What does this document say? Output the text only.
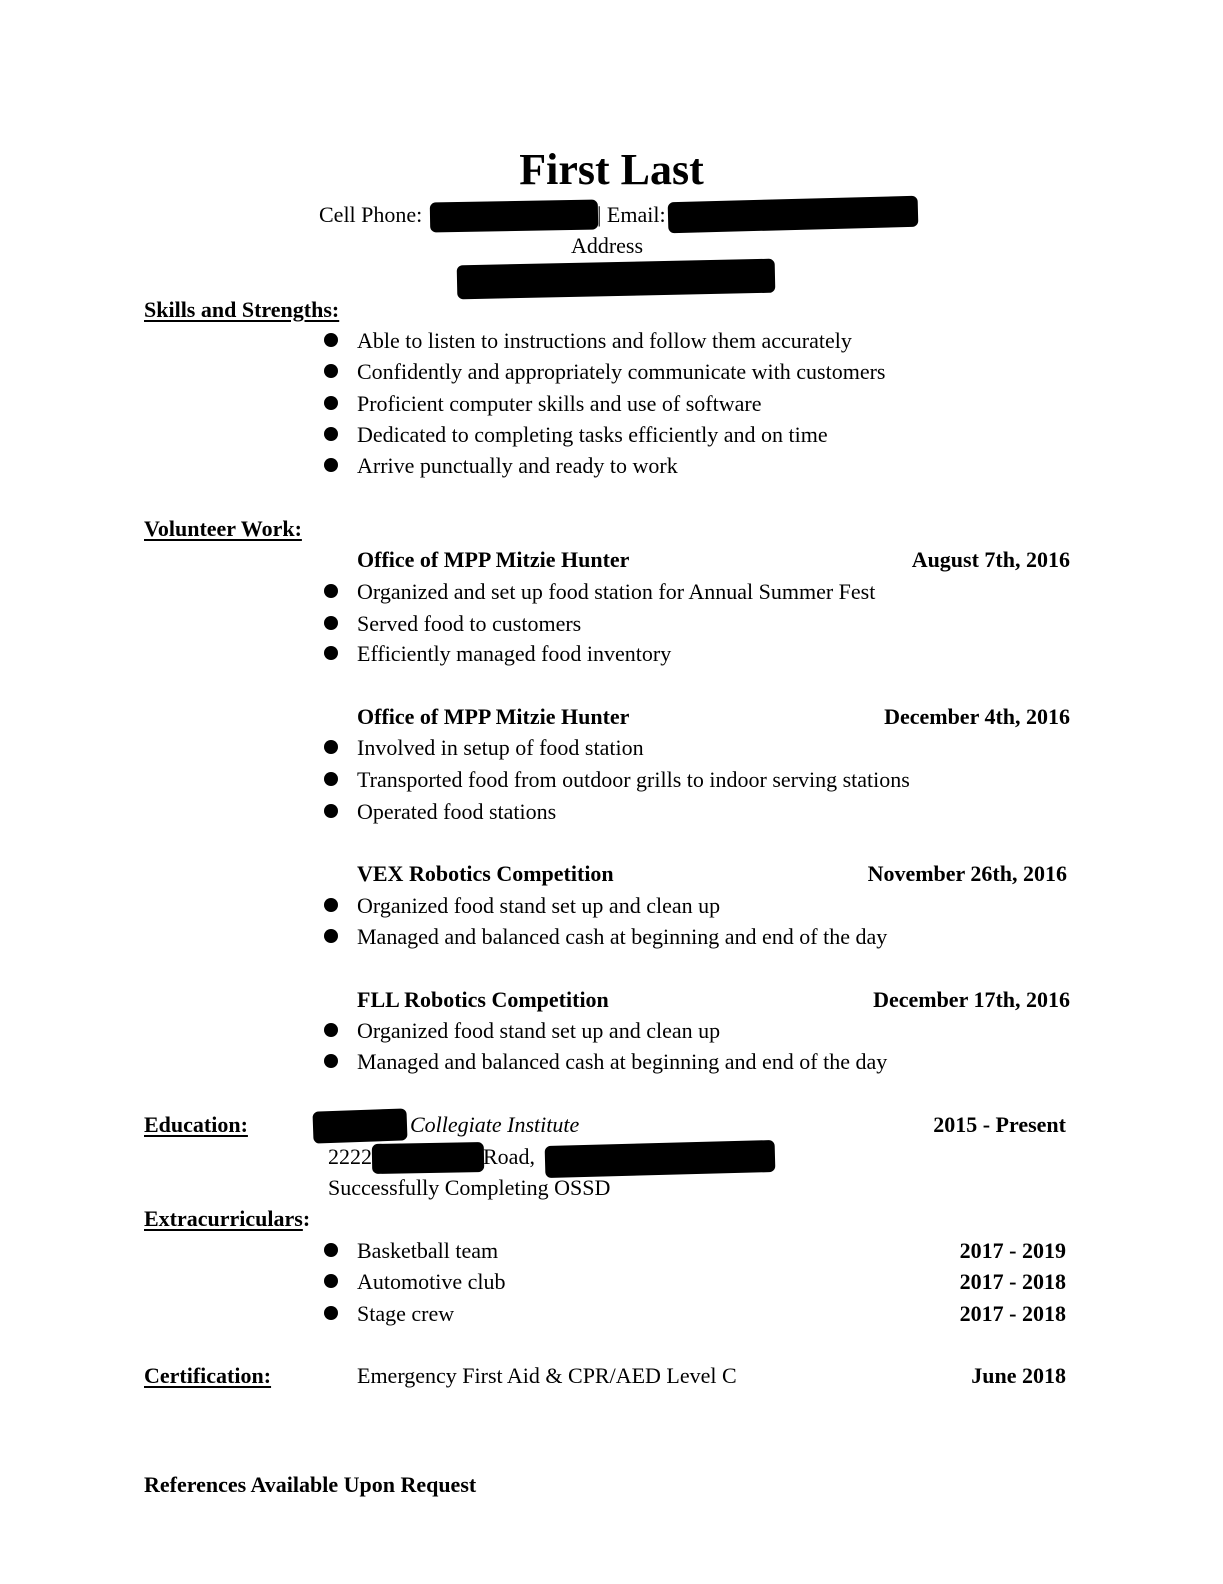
First Last
Cell Phone:	| Email:
Address
Skills and Strengths:
Able to listen to instructions and follow them accurately
Confidently and appropriately communicate with customers
Proficient computer skills and use of software
Dedicated to completing tasks efficiently and on time
Arrive punctually and ready to work
Volunteer Work:
Office of MPP Mitzie Hunter	August 7th, 2016
Organized and set up food station for Annual Summer Fest
Served food to customers
Efficiently managed food inventory
Office of MPP Mitzie Hunter	December 4th, 2016
Involved in setup of food station
Transported food from outdoor grills to indoor serving stations
Operated food stations
VEX Robotics Competition	November 26th, 2016
Organized food stand set up and clean up
Managed and balanced cash at beginning and end of the day
FLL Robotics Competition	December 17th, 2016
Organized food stand set up and clean up
Managed and balanced cash at beginning and end of the day
Education:	Collegiate Institute	2015 - Present
2222	Road,
Successfully Completing OSSD
Extracurriculars:
Basketball team	2017 - 2019
Automotive club	2017 - 2018
Stage crew	2017 - 2018
Certification:	Emergency First Aid & CPR/AED Level C	June 2018
References Available Upon Request
